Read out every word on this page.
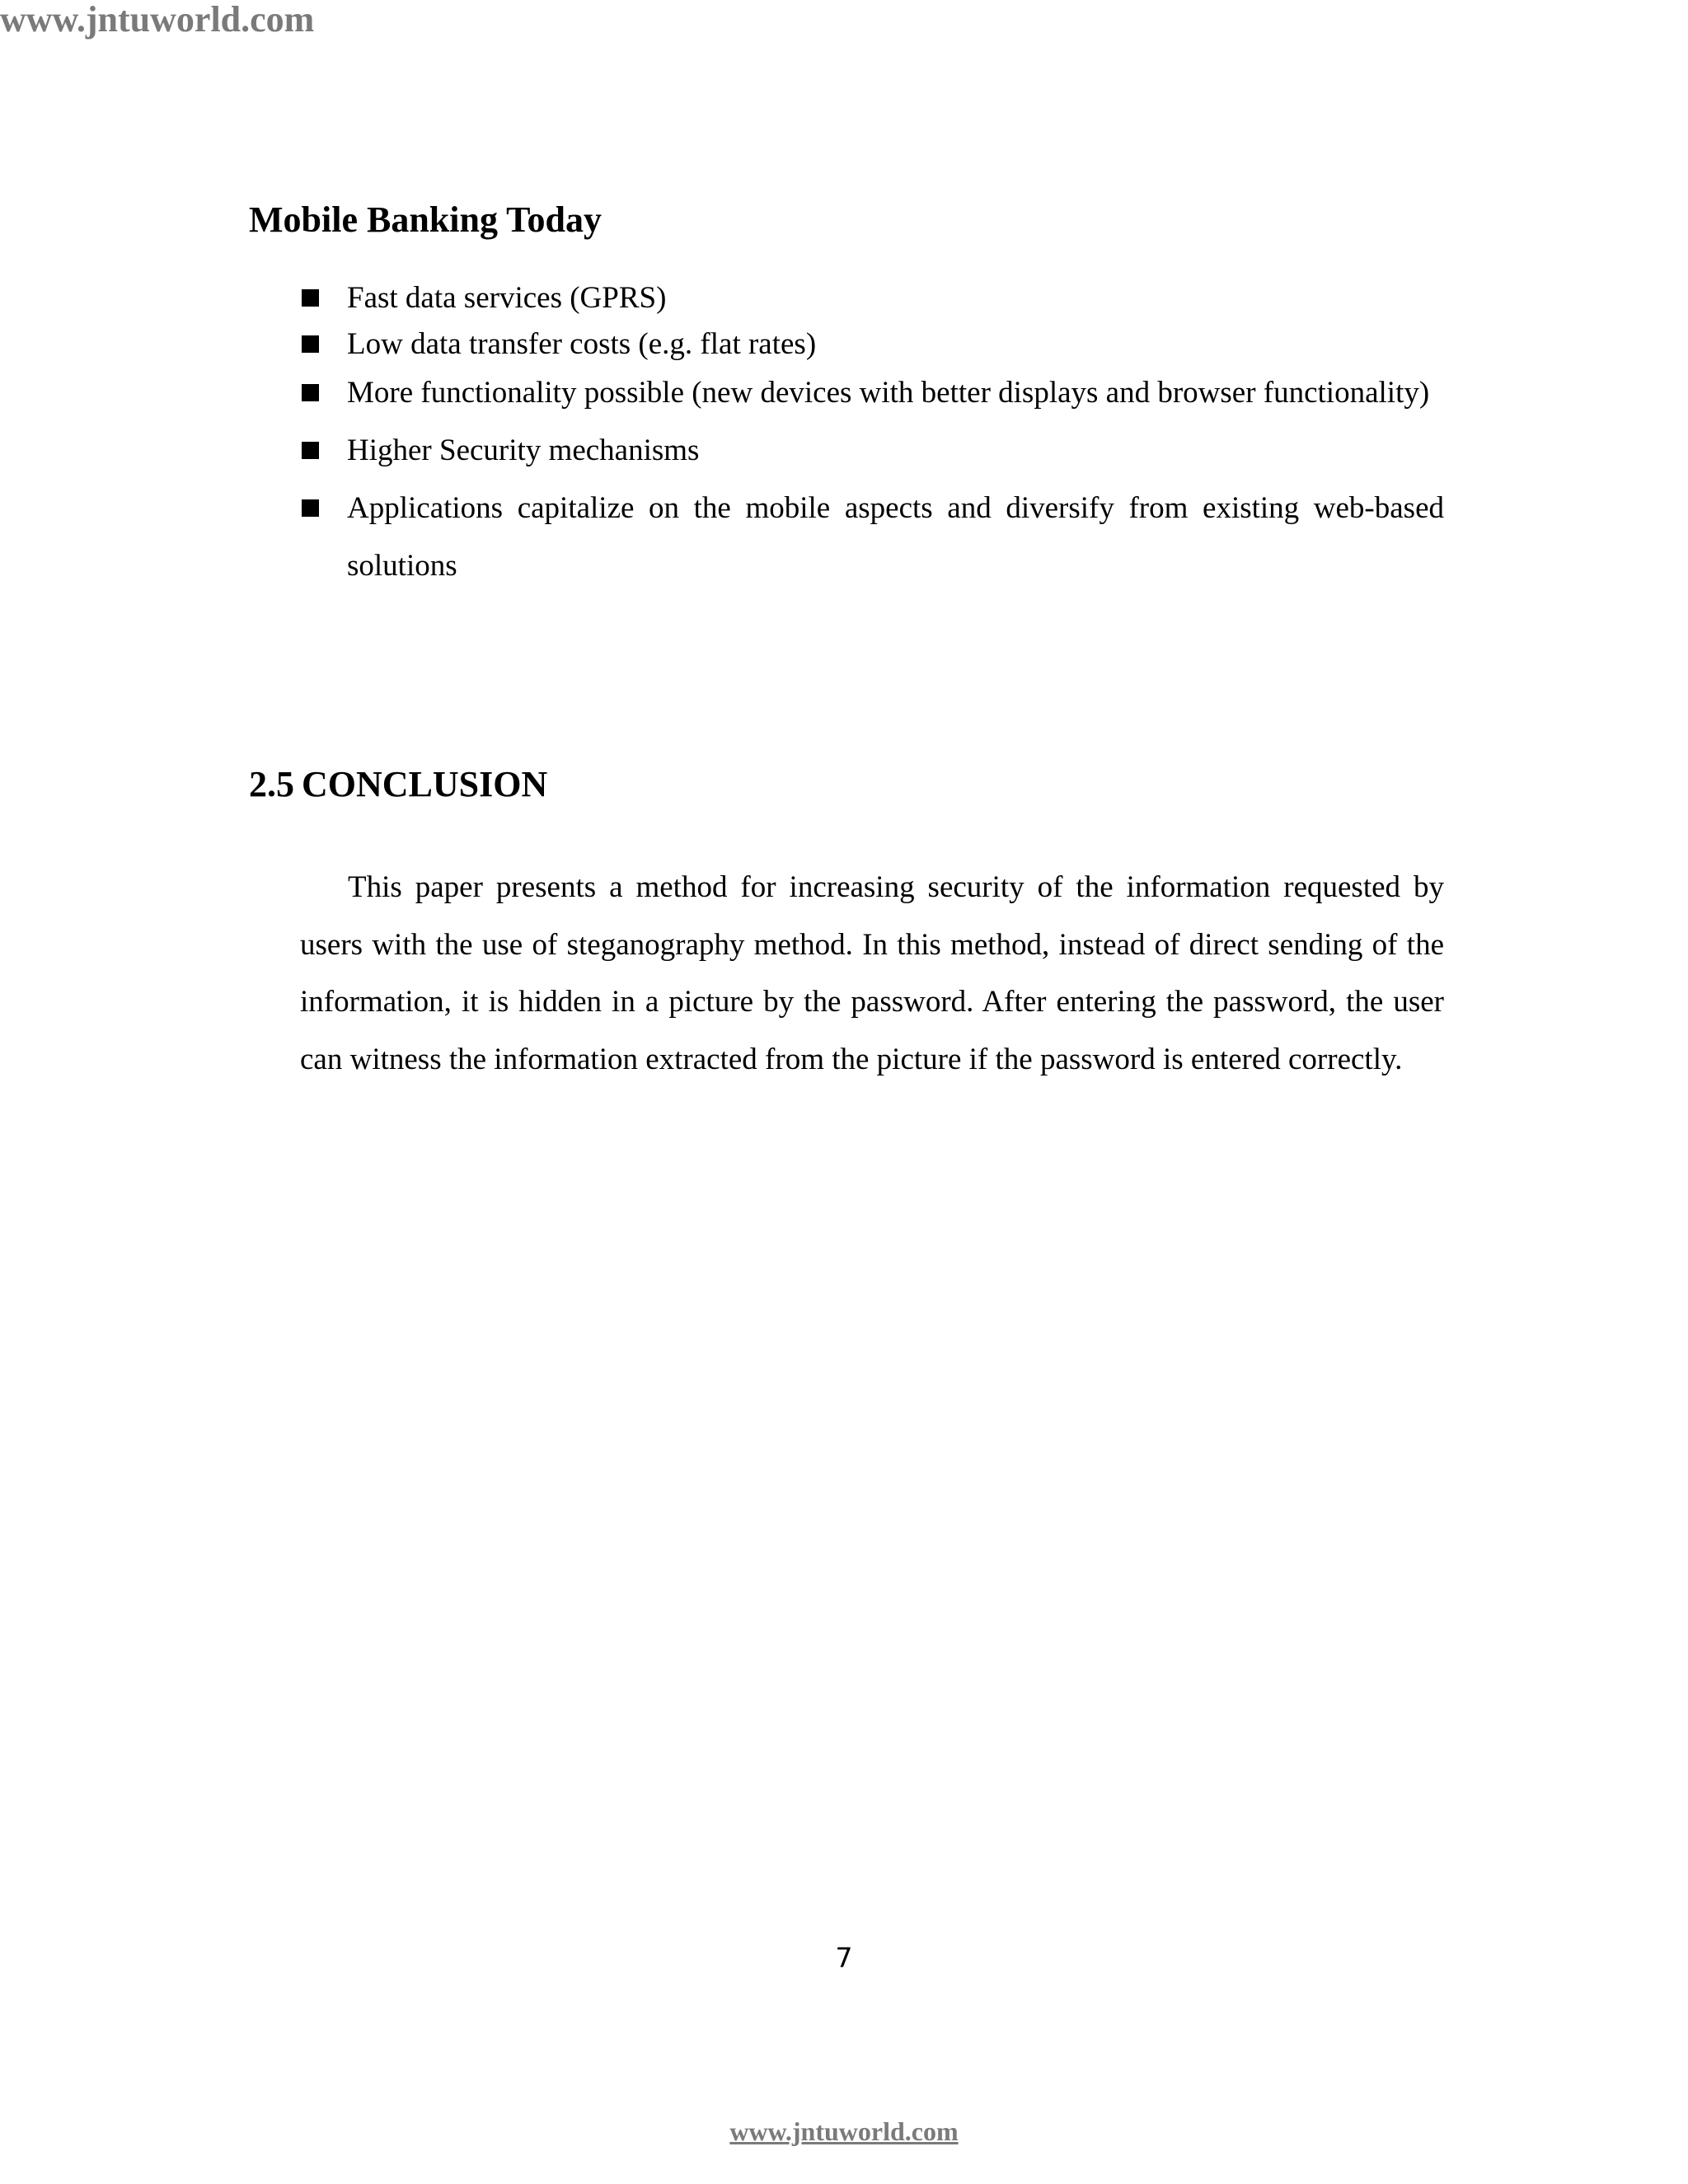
www.jntuworld.com
Mobile Banking Today
Fast data services (GPRS)
Low data transfer costs (e.g. flat rates)
More functionality possible (new devices with better displays and browser functionality)
Higher Security mechanisms
Applications capitalize on the mobile aspects and diversify from existing web-based solutions
2.5 CONCLUSION

This paper presents a method for increasing security of the information requested by users with the use of steganography method. In this method, instead of direct sending of the information, it is hidden in a picture by the password. After entering the password, the user can witness the information extracted from the picture if the password is entered correctly.

7
www.jntuworld.com
